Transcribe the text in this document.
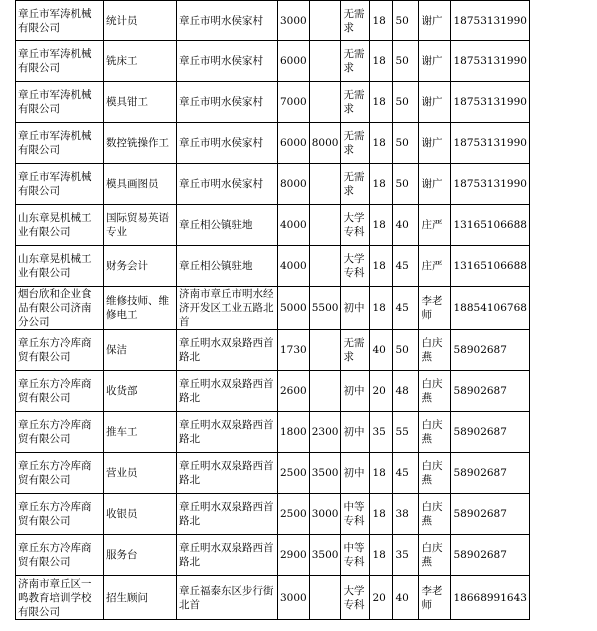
章丘市军涛机械有限公司	统计员	章丘市明水侯家村	3000		无需求	18	50	谢广	18753131990
章丘市军涛机械有限公司	铣床工	章丘市明水侯家村	6000		无需求	18	50	谢广	18753131990
章丘市军涛机械有限公司	模具钳工	章丘市明水侯家村	7000		无需求	18	50	谢广	18753131990
章丘市军涛机械有限公司	数控铣操作工	章丘市明水侯家村	6000	8000	无需求	18	50	谢广	18753131990
章丘市军涛机械有限公司	模具画图员	章丘市明水侯家村	8000		无需求	18	50	谢广	18753131990
山东章晃机械工业有限公司	国际贸易英语专业	章丘相公镇驻地	4000		大学专科	18	40	庄严	13165106688
山东章晃机械工业有限公司	财务会计	章丘相公镇驻地	4000		大学专科	18	45	庄严	13165106688
烟台欣和企业食品有限公司济南分公司	维修技师、维修电工	济南市章丘市明水经济开发区工业五路北首	5000	5500	初中	18	45	李老师	18854106768
章丘东方冷库商贸有限公司	保洁	章丘明水双泉路西首路北	1730		无需求	40	50	白庆燕	58902687
章丘东方冷库商贸有限公司	收货部	章丘明水双泉路西首路北	2600		初中	20	48	白庆燕	58902687
章丘东方冷库商贸有限公司	推车工	章丘明水双泉路西首路北	1800	2300	初中	35	55	白庆燕	58902687
章丘东方冷库商贸有限公司	营业员	章丘明水双泉路西首路北	2500	3500	初中	18	45	白庆燕	58902687
章丘东方冷库商贸有限公司	收银员	章丘明水双泉路西首路北	2500	3000	中等专科	18	38	白庆燕	58902687
章丘东方冷库商贸有限公司	服务台	章丘明水双泉路西首路北	2900	3500	中等专科	18	35	白庆燕	58902687
济南市章丘区一鸣教育培训学校有限公司	招生顾问	章丘福泰东区步行街北首	3000		大学专科	20	40	李老师	18668991643
